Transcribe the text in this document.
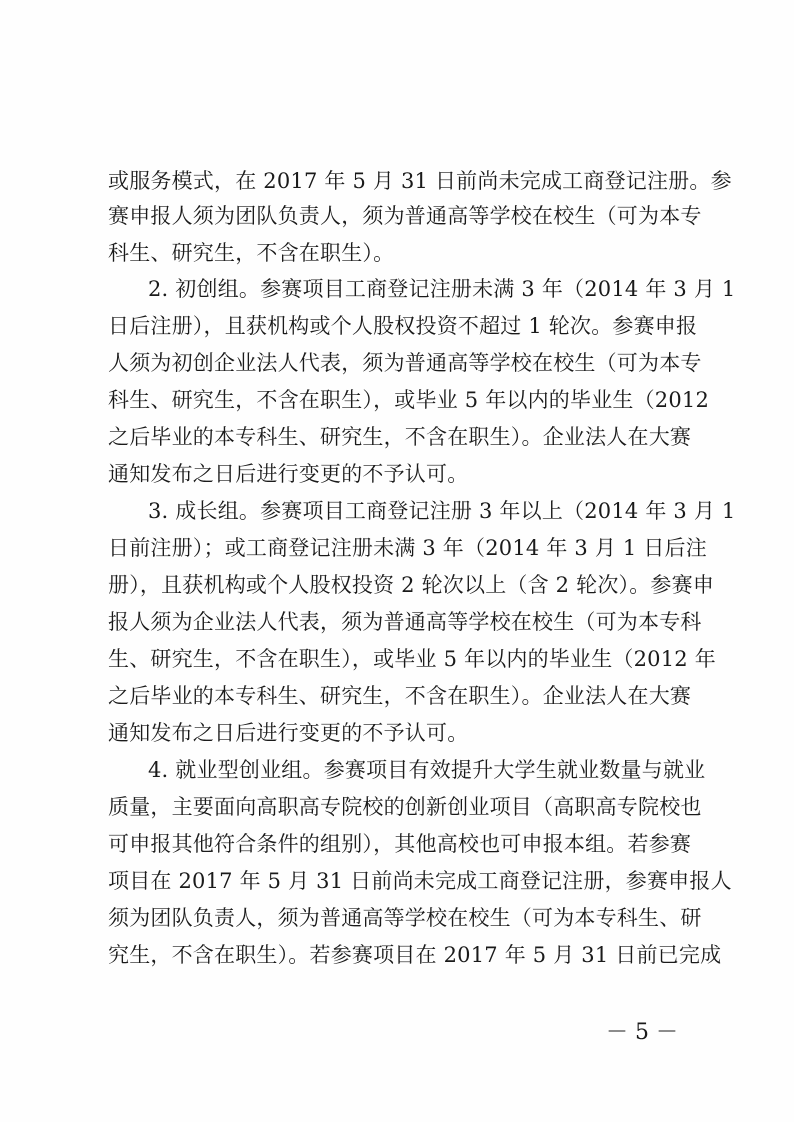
或服务模式，在 2017 年 5 月 31 日前尚未完成工商登记注册。参
赛申报人须为团队负责人，须为普通高等学校在校生（可为本专
科生、研究生，不含在职生）。
2. 初创组。参赛项目工商登记注册未满 3 年（2014 年 3 月 1
日后注册），且获机构或个人股权投资不超过 1 轮次。参赛申报
人须为初创企业法人代表，须为普通高等学校在校生（可为本专
科生、研究生，不含在职生），或毕业 5 年以内的毕业生（2012
之后毕业的本专科生、研究生，不含在职生）。企业法人在大赛
通知发布之日后进行变更的不予认可。
3. 成长组。参赛项目工商登记注册 3 年以上（2014 年 3 月 1
日前注册）；或工商登记注册未满 3 年（2014 年 3 月 1 日后注
册），且获机构或个人股权投资 2 轮次以上（含 2 轮次）。参赛申
报人须为企业法人代表，须为普通高等学校在校生（可为本专科
生、研究生，不含在职生），或毕业 5 年以内的毕业生（2012 年
之后毕业的本专科生、研究生，不含在职生）。企业法人在大赛
通知发布之日后进行变更的不予认可。
4. 就业型创业组。参赛项目有效提升大学生就业数量与就业
质量，主要面向高职高专院校的创新创业项目（高职高专院校也
可申报其他符合条件的组别），其他高校也可申报本组。若参赛
项目在 2017 年 5 月 31 日前尚未完成工商登记注册，参赛申报人
须为团队负责人，须为普通高等学校在校生（可为本专科生、研
究生，不含在职生）。若参赛项目在 2017 年 5 月 31 日前已完成
－ 5 －
